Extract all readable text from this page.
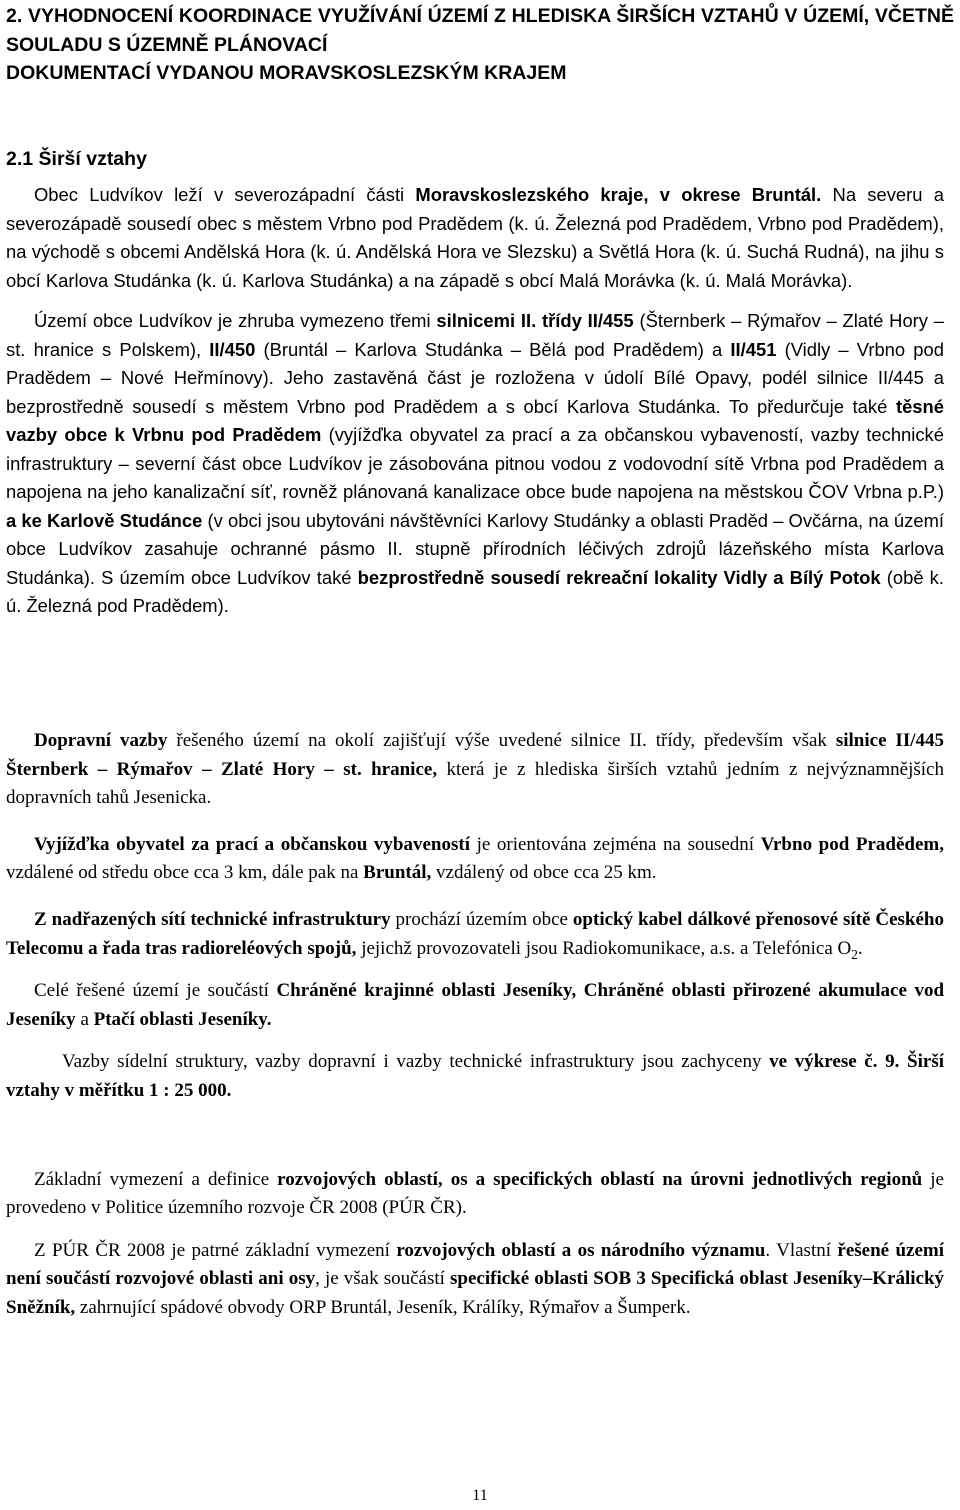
2. VYHODNOCENÍ KOORDINACE VYUŽÍVÁNÍ ÚZEMÍ Z HLEDISKA ŠIRŠÍCH VZTAHŮ V ÚZEMÍ, VČETNĚ SOULADU S ÚZEMNĚ PLÁNOVACÍ
DOKUMENTACÍ VYDANOU MORAVSKOSLEZSKÝM KRAJEM
2.1 Širší vztahy

Obec Ludvíkov leží v severozápadní části Moravskoslezského kraje, v okrese Bruntál. Na severu a severozápadě sousedí obec s městem Vrbno pod Pradědem (k. ú. Železná pod Pradědem, Vrbno pod Pradědem), na východě s obcemi Andělská Hora (k. ú. Andělská Hora ve Slezsku) a Světlá Hora (k. ú. Suchá Rudná), na jihu s obcí Karlova Studánka (k. ú. Karlova Studánka) a na západě s obcí Malá Morávka (k. ú. Malá Morávka).

Území obce Ludvíkov je zhruba vymezeno třemi silnicemi II. třídy II/455 (Šternberk – Rýmařov – Zlaté Hory – st. hranice s Polskem), II/450 (Bruntál – Karlova Studánka – Bělá pod Pradědem) a II/451 (Vidly – Vrbno pod Pradědem – Nové Heřmínovy). Jeho zastavěná část je rozložena v údolí Bílé Opavy, podél silnice II/445 a bezprostředně sousedí s městem Vrbno pod Pradědem a s obcí Karlova Studánka. To předurčuje také těsné vazby obce k Vrbnu pod Pradědem (vyjížďka obyvatel za prací a za občanskou vybaveností, vazby technické infrastruktury – severní část obce Ludvíkov je zásobována pitnou vodou z vodovodní sítě Vrbna pod Pradědem a napojena na jeho kanalizační síť, rovněž plánovaná kanalizace obce bude napojena na městskou ČOV Vrbna p.P.) a ke Karlově Studánce (v obci jsou ubytováni návštěvníci Karlovy Studánky a oblasti Praděd – Ovčárna, na území obce Ludvíkov zasahuje ochranné pásmo II. stupně přírodních léčivých zdrojů lázeňského místa Karlova Studánka). S územím obce Ludvíkov také bezprostředně sousedí rekreační lokality Vidly a Bílý Potok (obě k. ú. Železná pod Pradědem).

Dopravní vazby řešeného území na okolí zajišťují výše uvedené silnice II. třídy, především však silnice II/445 Šternberk – Rýmařov – Zlaté Hory – st. hranice, která je z hlediska širších vztahů jedním z nejvýznamnějších dopravních tahů Jesenicka.

Vyjížďka obyvatel za prací a občanskou vybaveností je orientována zejména na sousední Vrbno pod Pradědem, vzdálené od středu obce cca 3 km, dále pak na Bruntál, vzdálený od obce cca 25 km.

Z nadřazených sítí technické infrastruktury prochází územím obce optický kabel dálkové přenosové sítě Českého Telecomu a řada tras radioreléových spojů, jejichž provozovateli jsou Radiokomunikace, a.s. a Telefónica $O_2$.

Celé řešené území je součástí Chráněné krajinné oblasti Jeseníky, Chráněné oblasti přirozené akumulace vod Jeseníky a Ptačí oblasti Jeseníky.

Vazby sídelní struktury, vazby dopravní i vazby technické infrastruktury jsou zachyceny ve výkrese č. 9. Širší vztahy v měřítku 1 : 25 000.

Základní vymezení a definice rozvojových oblastí, os a specifických oblastí na úrovni jednotlivých regionů je provedeno v Politice územního rozvoje ČR 2008 (PÚR ČR).

Z PÚR ČR 2008 je patrné základní vymezení rozvojových oblastí a os národního významu. Vlastní řešené území není součástí rozvojové oblasti ani osy, je však součástí specifické oblasti SOB 3 Specifická oblast Jeseníky–Králický Sněžník, zahrnující spádové obvody ORP Bruntál, Jeseník, Králíky, Rýmařov a Šumperk.

11
